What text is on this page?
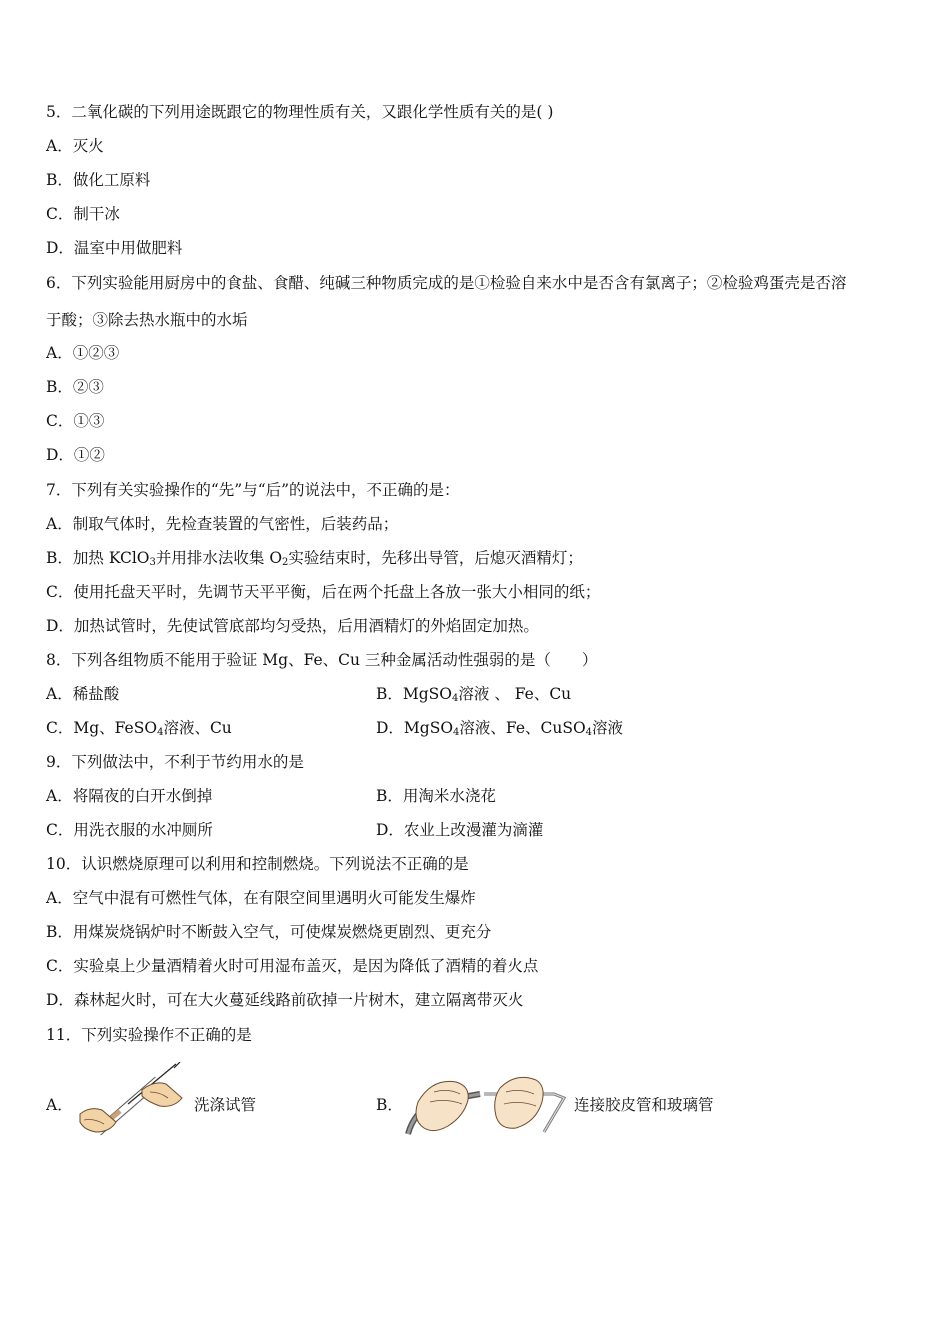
5．二氧化碳的下列用途既跟它的物理性质有关，又跟化学性质有关的是( )
A．灭火
B．做化工原料
C．制干冰
D．温室中用做肥料
6．下列实验能用厨房中的食盐、食醋、纯碱三种物质完成的是①检验自来水中是否含有氯离子；②检验鸡蛋壳是否溶
于酸；③除去热水瓶中的水垢
A．①②③
B．②③
C．①③
D．①②
7．下列有关实验操作的“先”与“后”的说法中，不正确的是：
A．制取气体时，先检查装置的气密性，后装药品；
B．加热 KClO$_3$并用排水法收集 $O_2$实验结束时，先移出导管，后熄灭酒精灯；
C．使用托盘天平时，先调节天平平衡，后在两个托盘上各放一张大小相同的纸；
D．加热试管时，先使试管底部均匀受热，后用酒精灯的外焰固定加热。
8．下列各组物质不能用于验证 Mg、Fe、Cu 三种金属活动性强弱的是（　　）
A．稀盐酸	B．MgSO$_4$溶液 、 Fe、Cu
C．Mg、FeSO$_4$溶液、Cu	D．MgSO$_4$溶液、Fe、CuSO$_4$溶液
9．下列做法中，不利于节约用水的是
A．将隔夜的白开水倒掉	B．用淘米水浇花
C．用洗衣服的水冲厕所	D．农业上改漫灌为滴灌
10．认识燃烧原理可以利用和控制燃烧。下列说法不正确的是
A．空气中混有可燃性气体，在有限空间里遇明火可能发生爆炸
B．用煤炭烧锅炉时不断鼓入空气，可使煤炭燃烧更剧烈、更充分
C．实验桌上少量酒精着火时可用湿布盖灭，是因为降低了酒精的着火点
D．森林起火时，可在大火蔓延线路前砍掉一片树木，建立隔离带灭火
11．下列实验操作不正确的是
A．	洗涤试管	B．	连接胶皮管和玻璃管
